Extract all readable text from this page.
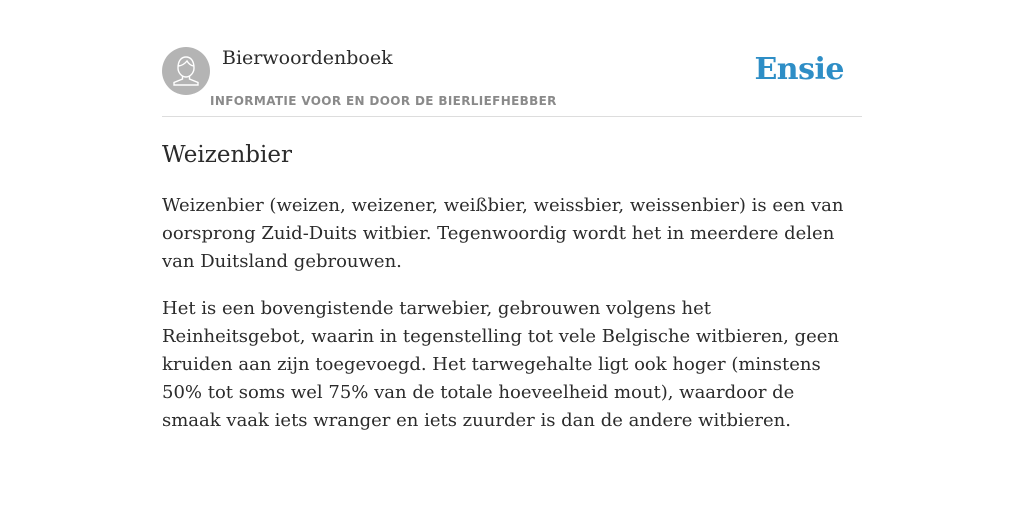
Bierwoordenboek
INFORMATIE VOOR EN DOOR DE BIERLIEFHEBBER
Ensie
Weizenbier

Weizenbier (weizen, weizener, weißbier, weissbier, weissenbier) is een van oorsprong Zuid-Duits witbier. Tegenwoordig wordt het in meerdere delen van Duitsland gebrouwen.

Het is een bovengistende tarwebier, gebrouwen volgens het Reinheitsgebot, waarin in tegenstelling tot vele Belgische witbieren, geen kruiden aan zijn toegevoegd. Het tarwegehalte ligt ook hoger (minstens 50% tot soms wel 75% van de totale hoeveelheid mout), waardoor de smaak vaak iets wranger en iets zuurder is dan de andere witbieren.
